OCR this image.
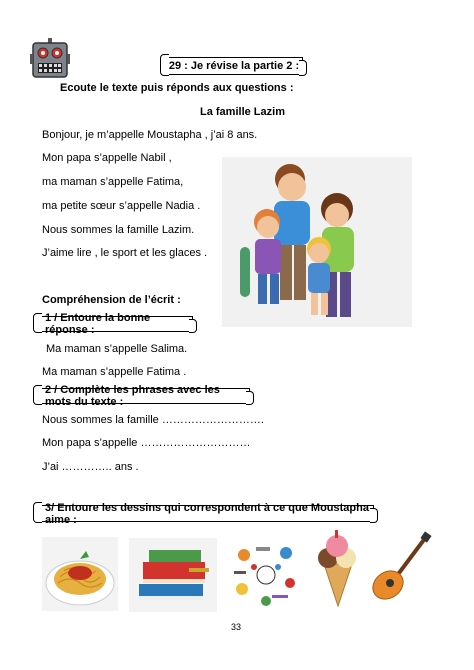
29 : Je révise la partie 2 :
Ecoute le texte puis réponds aux questions :
La famille Lazim
Bonjour, je m’appelle Moustapha , j’ai 8 ans.
Mon papa s’appelle Nabil ,
ma maman s’appelle Fatima,
ma petite sœur s’appelle Nadia .
Nous sommes la famille Lazim.
J’aime lire , le sport et les glaces .
Compréhension de l’écrit :
1 / Entoure la bonne réponse :
Ma maman s’appelle Salima.
Ma maman s’appelle Fatima .
2 / Complète les phrases avec les mots du texte :
Nous sommes la famille ……………………….
Mon papa s’appelle …………………………
J’ai ………….. ans .
3/ Entoure les dessins qui correspondent à ce que Moustapha aime :
33
